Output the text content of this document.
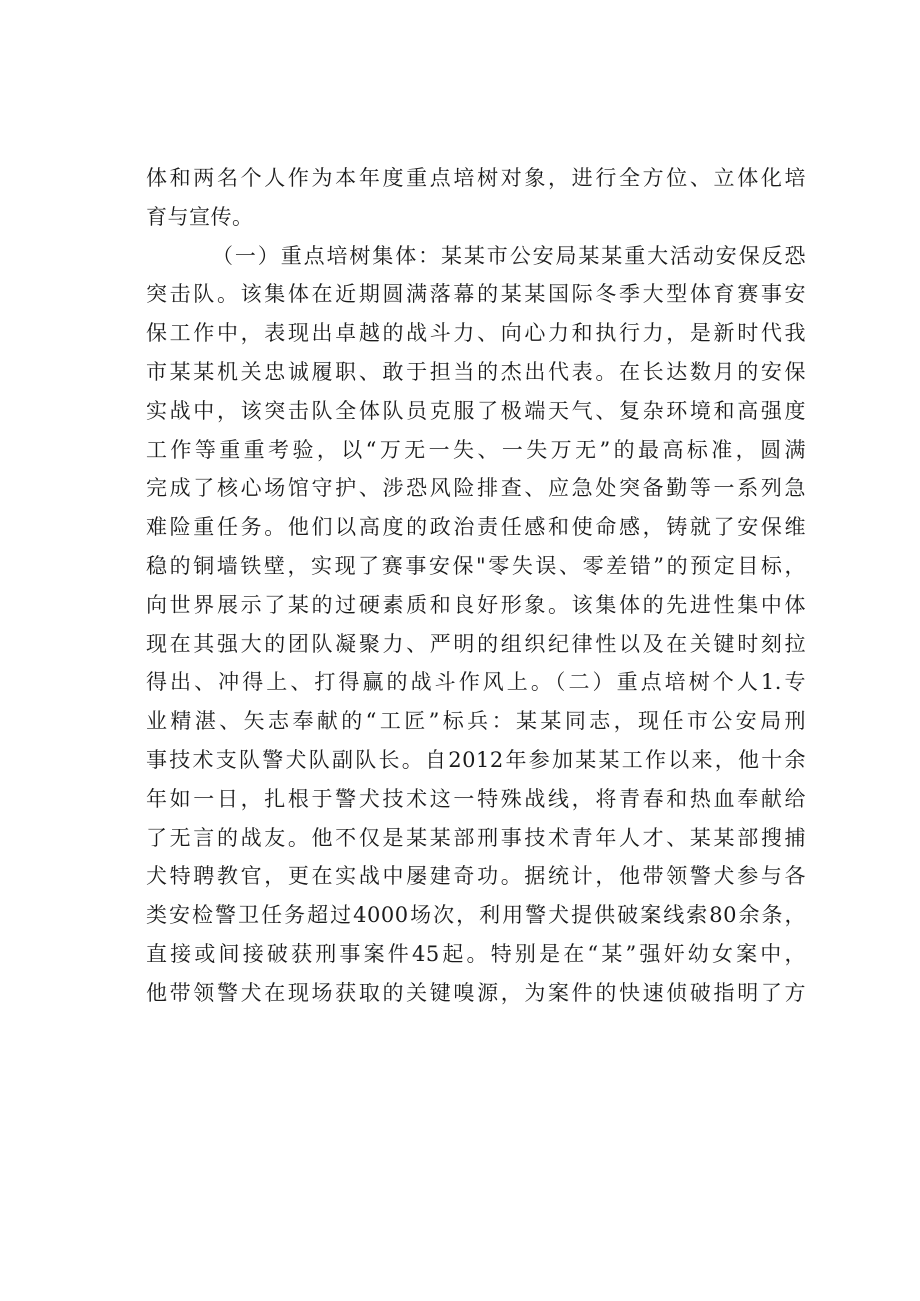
体和两名个人作为本年度重点培树对象，进行全方位、立体化培
育与宣传。
（一）重点培树集体：某某市公安局某某重大活动安保反恐
突击队。该集体在近期圆满落幕的某某国际冬季大型体育赛事安
保工作中，表现出卓越的战斗力、向心力和执行力，是新时代我
市某某机关忠诚履职、敢于担当的杰出代表。在长达数月的安保
实战中，该突击队全体队员克服了极端天气、复杂环境和高强度
工作等重重考验，以“万无一失、一失万无”的最高标准，圆满
完成了核心场馆守护、涉恐风险排查、应急处突备勤等一系列急
难险重任务。他们以高度的政治责任感和使命感，铸就了安保维
稳的铜墙铁壁，实现了赛事安保"零失误、零差错”的预定目标，
向世界展示了某的过硬素质和良好形象。该集体的先进性集中体
现在其强大的团队凝聚力、严明的组织纪律性以及在关键时刻拉
得出、冲得上、打得赢的战斗作风上。（二）重点培树个人1.专
业精湛、矢志奉献的“工匠”标兵：某某同志，现任市公安局刑
事技术支队警犬队副队长。自2012年参加某某工作以来，他十余
年如一日，扎根于警犬技术这一特殊战线，将青春和热血奉献给
了无言的战友。他不仅是某某部刑事技术青年人才、某某部搜捕
犬特聘教官，更在实战中屡建奇功。据统计，他带领警犬参与各
类安检警卫任务超过4000场次，利用警犬提供破案线索80余条，
直接或间接破获刑事案件45起。特别是在“某”强奸幼女案中，
他带领警犬在现场获取的关键嗅源，为案件的快速侦破指明了方
